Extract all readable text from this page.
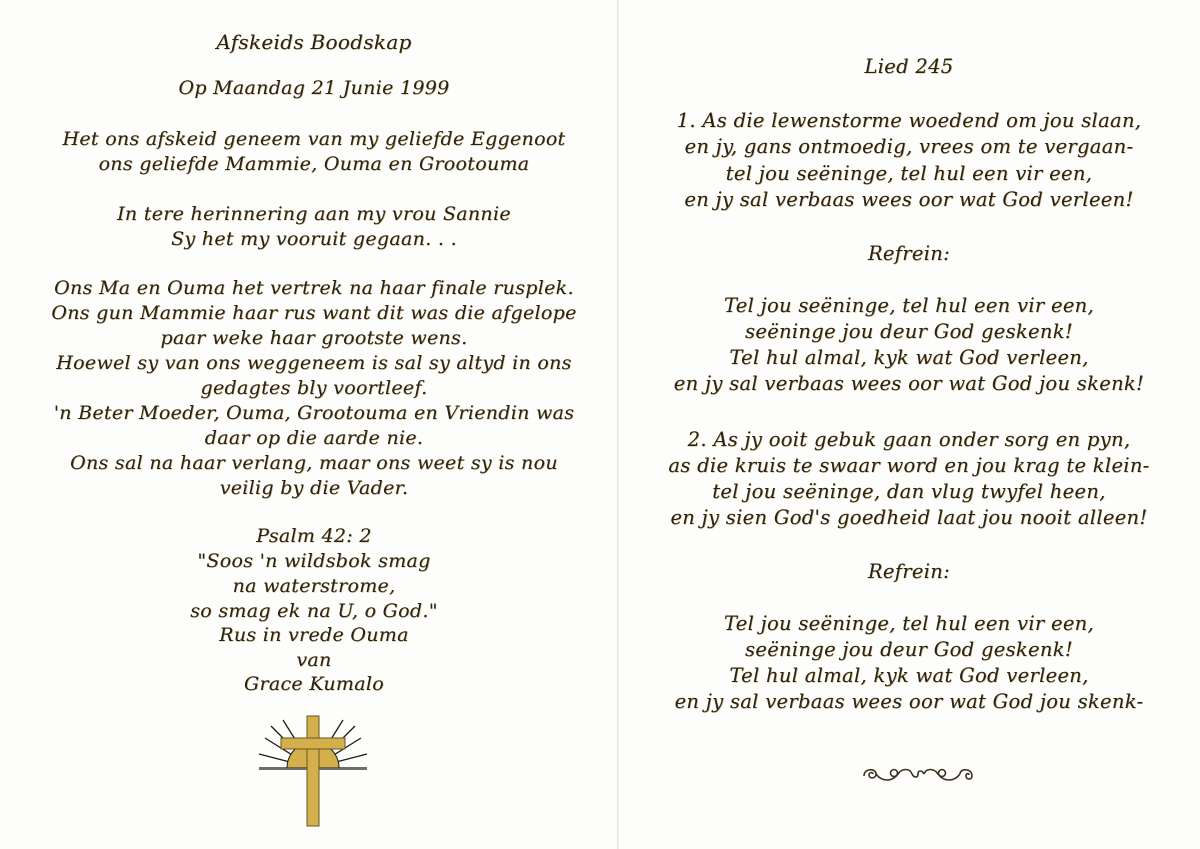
Afskeids Boodskap
Op Maandag 21 Junie 1999
Het ons afskeid geneem van my geliefde Eggenoot
ons geliefde Mammie, Ouma en Grootouma
In tere herinnering aan my vrou Sannie
Sy het my vooruit gegaan. . .
Ons Ma en Ouma het vertrek na haar finale rusplek.
Ons gun Mammie haar rus want dit was die afgelope
paar weke haar grootste wens.
Hoewel sy van ons weggeneem is sal sy altyd in ons
gedagtes bly voortleef.
'n Beter Moeder, Ouma, Grootouma en Vriendin was
daar op die aarde nie.
Ons sal na haar verlang, maar ons weet sy is nou
veilig by die Vader.
Psalm 42: 2
"Soos 'n wildsbok smag
na waterstrome,
so smag ek na U, o God."
Rus in vrede Ouma
van
Grace Kumalo
Lied 245
1. As die lewenstorme woedend om jou slaan,
en jy, gans ontmoedig, vrees om te vergaan-
tel jou seëninge, tel hul een vir een,
en jy sal verbaas wees oor wat God verleen!
Refrein:
Tel jou seëninge, tel hul een vir een,
seëninge jou deur God geskenk!
Tel hul almal, kyk wat God verleen,
en jy sal verbaas wees oor wat God jou skenk!
2. As jy ooit gebuk gaan onder sorg en pyn,
as die kruis te swaar word en jou krag te klein-
tel jou seëninge, dan vlug twyfel heen,
en jy sien God's goedheid laat jou nooit alleen!
Refrein:
Tel jou seëninge, tel hul een vir een,
seëninge jou deur God geskenk!
Tel hul almal, kyk wat God verleen,
en jy sal verbaas wees oor wat God jou skenk-
